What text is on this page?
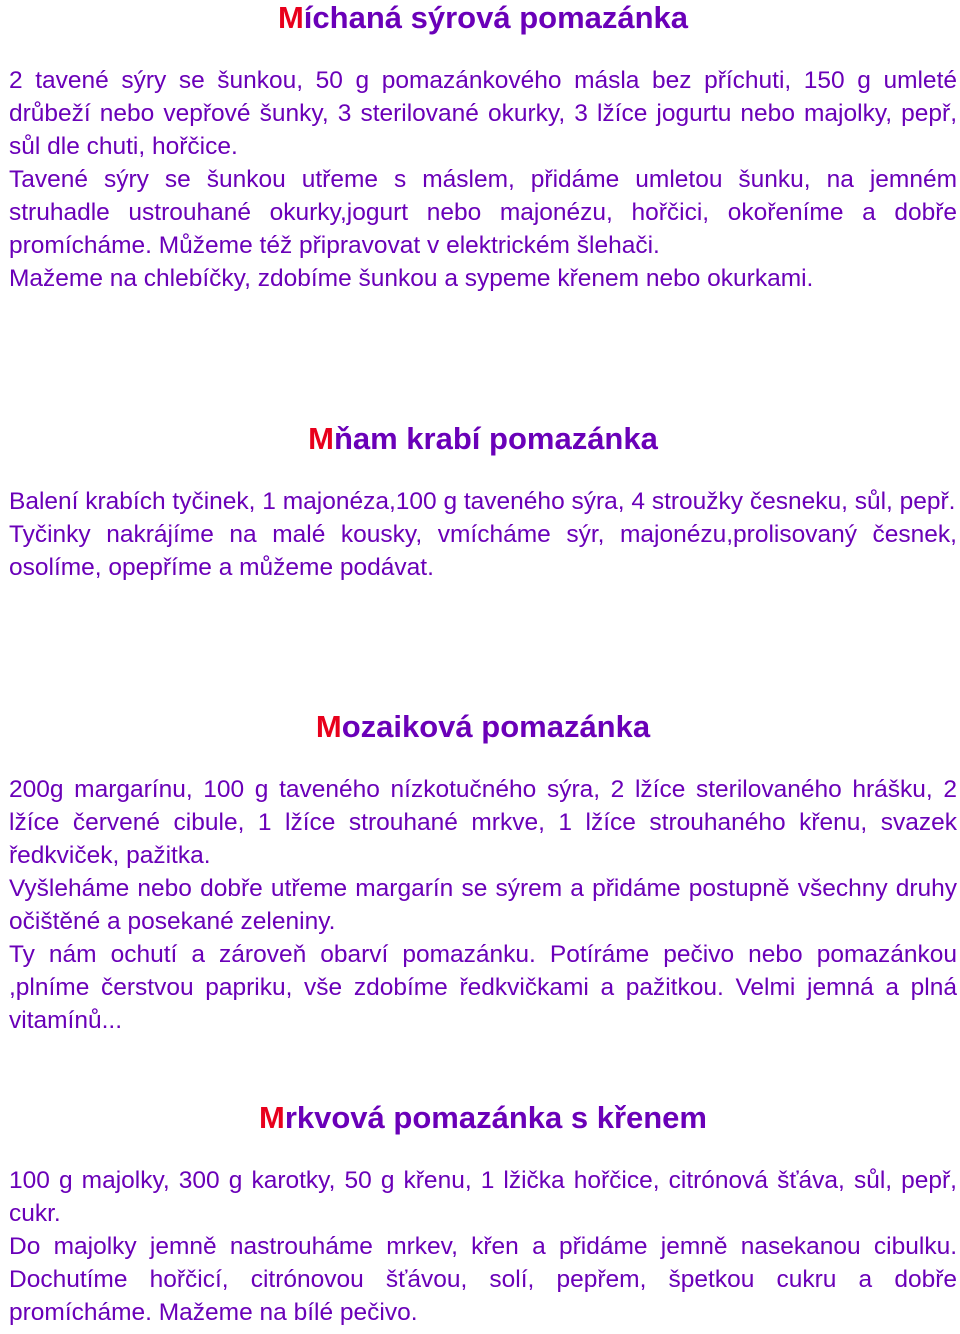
Míchaná sýrová pomazánka

2 tavené sýry se šunkou, 50 g pomazánkového másla bez příchuti, 150 g umleté drůbeží nebo vepřové šunky, 3 sterilované okurky, 3 lžíce jogurtu nebo majolky, pepř, sůl dle chuti, hořčice.

Tavené sýry se šunkou utřeme s máslem, přidáme umletou šunku, na jemném struhadle ustrouhané okurky,jogurt nebo majonézu, hořčici, okořeníme a dobře promícháme. Můžeme též připravovat v elektrickém šlehači.

Mažeme na chlebíčky, zdobíme šunkou a sypeme křenem nebo okurkami.

Mňam krabí pomazánka

Balení krabích tyčinek, 1 majonéza,100 g taveného sýra, 4 stroužky česneku, sůl, pepř.

Tyčinky nakrájíme na malé kousky, vmícháme sýr, majonézu,prolisovaný česnek, osolíme, opepříme a můžeme podávat.

Mozaiková pomazánka

200g margarínu, 100 g taveného nízkotučného sýra, 2 lžíce sterilovaného hrášku, 2 lžíce červené cibule, 1 lžíce strouhané mrkve, 1 lžíce strouhaného křenu, svazek ředkviček, pažitka.

Vyšleháme nebo dobře utřeme margarín se sýrem a přidáme postupně všechny druhy očištěné a posekané zeleniny.

Ty nám ochutí a zároveň obarví pomazánku. Potíráme pečivo nebo pomazánkou ,plníme čerstvou papriku, vše zdobíme ředkvičkami a pažitkou. Velmi jemná a plná vitamínů...

Mrkvová pomazánka s křenem

100 g majolky, 300 g karotky, 50 g křenu, 1 lžička hořčice, citrónová šťáva, sůl, pepř, cukr.

Do majolky jemně nastrouháme mrkev, křen a přidáme jemně nasekanou cibulku. Dochutíme hořčicí, citrónovou šťávou, solí, pepřem, špetkou cukru a dobře promícháme. Mažeme na bílé pečivo.
